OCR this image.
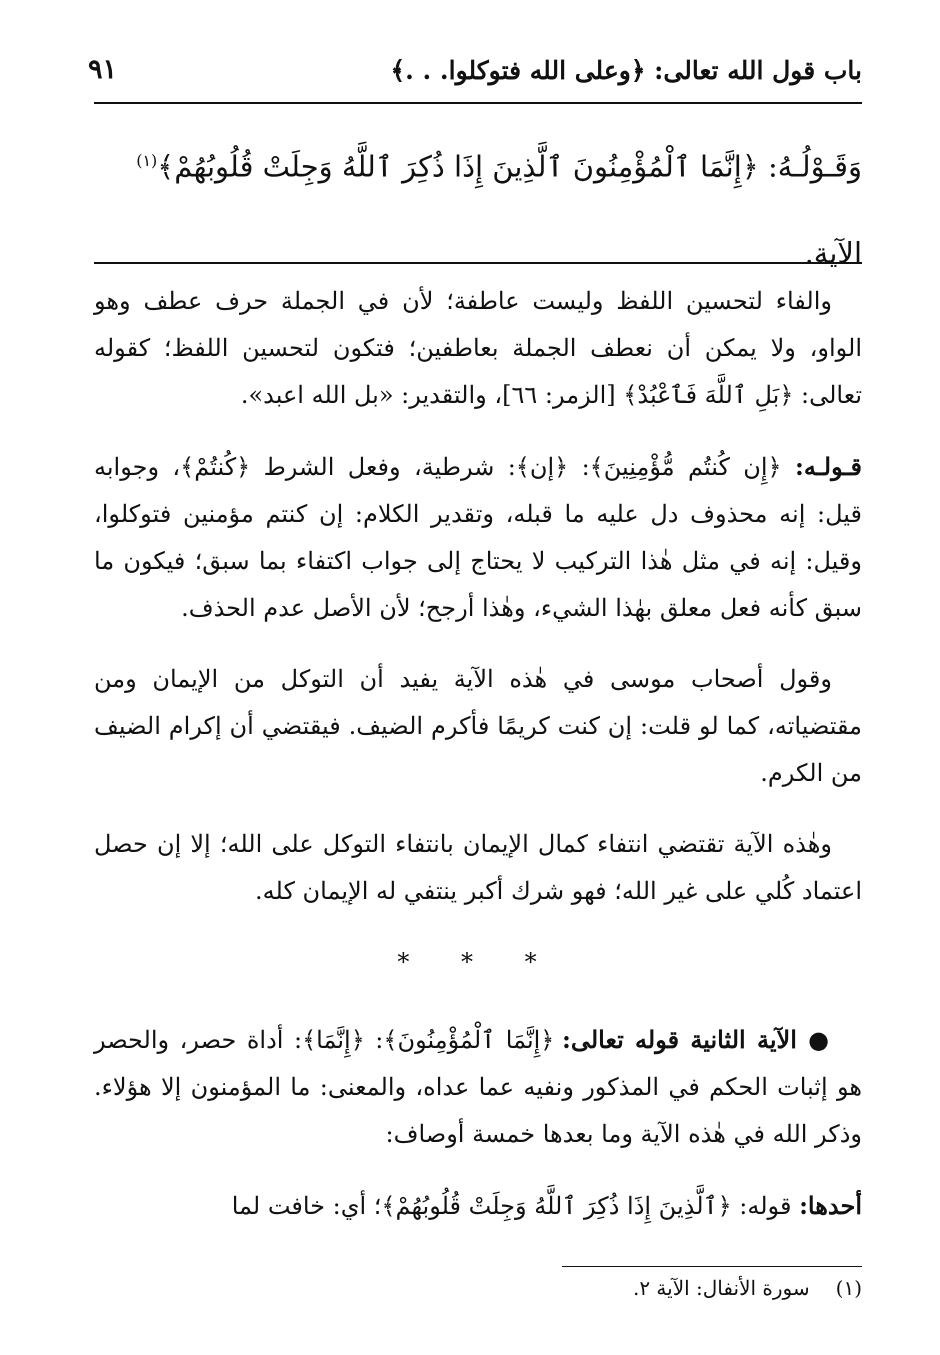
باب قول الله تعالى: ﴿وعلى الله فتوكلوا. . .﴾
٩١
وَقَـوْلُـهُ: ﴿إِنَّمَا ٱلْمُؤْمِنُونَ ٱلَّذِينَ إِذَا ذُكِرَ ٱللَّهُ وَجِلَتْ قُلُوبُهُمْ﴾$^{(١)}$
الآية.

والفاء لتحسين اللفظ وليست عاطفة؛ لأن في الجملة حرف عطف وهو الواو، ولا يمكن أن نعطف الجملة بعاطفين؛ فتكون لتحسين اللفظ؛ كقوله تعالى: ﴿بَلِ ٱللَّهَ فَٱعْبُدْ﴾ [الزمر: ٦٦]، والتقدير: «بل الله اعبد».

قـولـه: ﴿إِن كُنتُم مُّؤْمِنِينَ﴾: ﴿إن﴾: شرطية، وفعل الشرط ﴿كُنتُمْ﴾، وجوابه قيل: إنه محذوف دل عليه ما قبله، وتقدير الكلام: إن كنتم مؤمنين فتوكلوا، وقيل: إنه في مثل هٰذا التركيب لا يحتاج إلى جواب اكتفاء بما سبق؛ فيكون ما سبق كأنه فعل معلق بهٰذا الشيء، وهٰذا أرجح؛ لأن الأصل عدم الحذف.

وقول أصحاب موسى في هٰذه الآية يفيد أن التوكل من الإيمان ومن مقتضياته، كما لو قلت: إن كنت كريمًا فأكرم الضيف. فيقتضي أن إكرام الضيف من الكرم.

وهٰذه الآية تقتضي انتفاء كمال الإيمان بانتفاء التوكل على الله؛ إلا إن حصل اعتماد كُلي على غير الله؛ فهو شرك أكبر ينتفي له الإيمان كله.

* * *

● الآية الثانية قوله تعالى: ﴿إِنَّمَا ٱلْمُؤْمِنُونَ﴾: ﴿إِنَّمَا﴾: أداة حصر، والحصر هو إثبات الحكم في المذكور ونفيه عما عداه، والمعنى: ما المؤمنون إلا هؤلاء. وذكر الله في هٰذه الآية وما بعدها خمسة أوصاف:

أحدها: قوله: ﴿ٱلَّذِينَ إِذَا ذُكِرَ ٱللَّهُ وَجِلَتْ قُلُوبُهُمْ﴾؛ أي: خافت لما

(١)سورة الأنفال: الآية ٢.
